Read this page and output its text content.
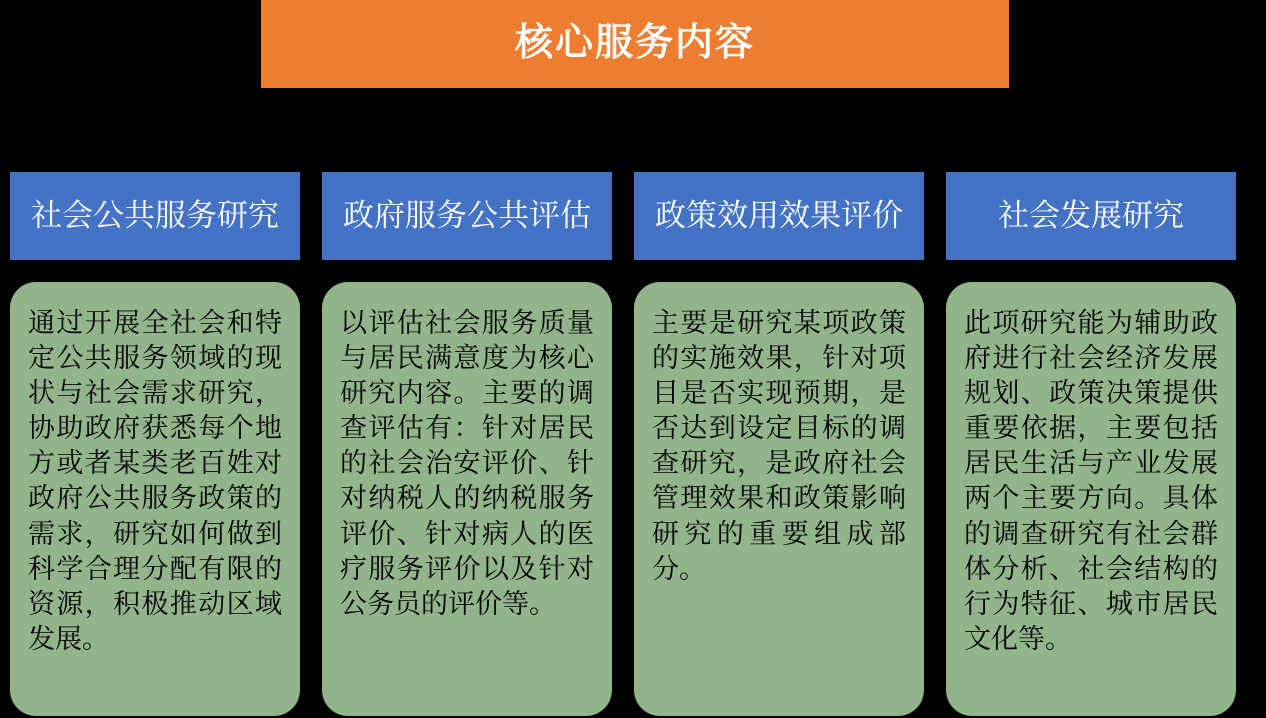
核心服务内容
社会公共服务研究
通过开展全社会和特定公共服务领域的现状与社会需求研究，协助政府获悉每个地方或者某类老百姓对政府公共服务政策的需求，研究如何做到科学合理分配有限的资源，积极推动区域发展。
政府服务公共评估
以评估社会服务质量与居民满意度为核心研究内容。主要的调查评估有：针对居民的社会治安评价、针对纳税人的纳税服务评价、针对病人的医疗服务评价以及针对公务员的评价等。
政策效用效果评价
主要是研究某项政策的实施效果，针对项目是否实现预期，是否达到设定目标的调查研究，是政府社会管理效果和政策影响研究的重要组成部分。
社会发展研究
此项研究能为辅助政府进行社会经济发展规划、政策决策提供重要依据，主要包括居民生活与产业发展两个主要方向。具体的调查研究有社会群体分析、社会结构的行为特征、城市居民文化等。
